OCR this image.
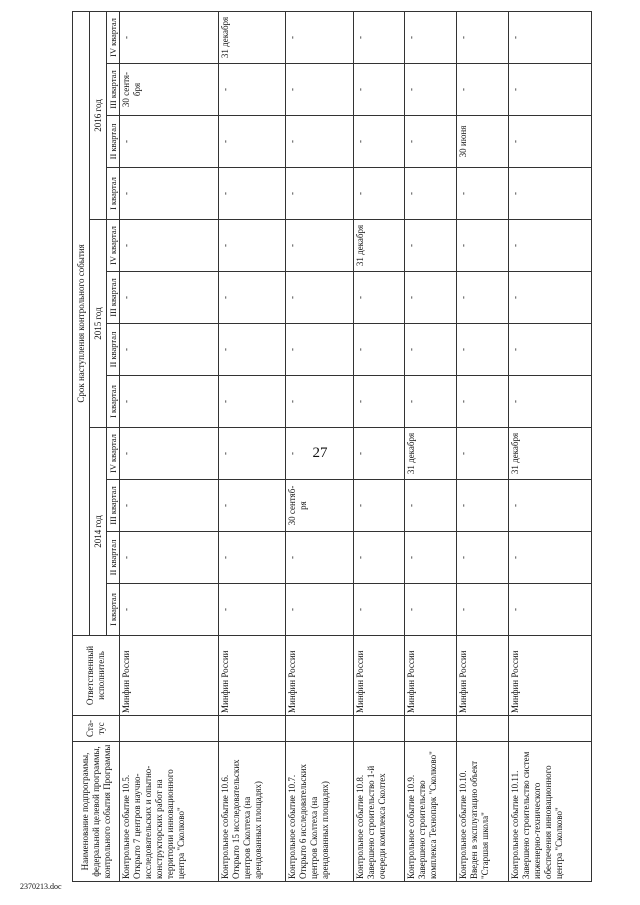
27
Наименование подпрограммы, федеральной целевой программы, контрольного события Программы	Ста-тус	Ответственный исполнитель	Срок наступления контрольного события											
			2014 год				2015 год				2016 год			
			I квартал	II квартал	III квартал	IV квартал	I квартал	II квартал	III квартал	IV квартал	I квартал	II квартал	III квартал	IV квартал
Контрольное событие 10.5. Открыто 7 центров научно-исследовательских и опытно-конструкторских работ на территории инновационного центра "Сколково"		Минфин России	-	-	-	-	-	-	-	-	-	-	30 сентя-бря	-
Контрольное событие 10.6. Открыто 15 исследовательских центров Сколтеха (на арендованных площадях)		Минфин России	-	-	-	-	-	-	-	-	-	-	-	31 декабря
Контрольное событие 10.7. Открыто 6 исследовательских центров Сколтеха (на арендованных площадях)		Минфин России	-	-	30 сентяб-ря	-	-	-	-	-	-	-	-	-
Контрольное событие 10.8. Завершено строительство 1-й очереди комплекса Сколтех		Минфин России	-	-	-	-	-	-	-	31 декабря	-	-	-	-
Контрольное событие 10.9. Завершено строительство комплекса Технопарк "Сколково"		Минфин России	-	-	-	31 декабря	-	-	-	-	-	-	-	-
Контрольное событие 10.10. Введен в эксплуатацию объект "Старшая школа"		Минфин России	-	-	-	-	-	-	-	-	-	30 июня	-	-
Контрольное событие 10.11. Завершено строительство систем инженерно-технического обеспечения инновационного центра "Сколково"		Минфин России	-	-	-	31 декабря	-	-	-	-	-	-	-	-
2370213.doc
